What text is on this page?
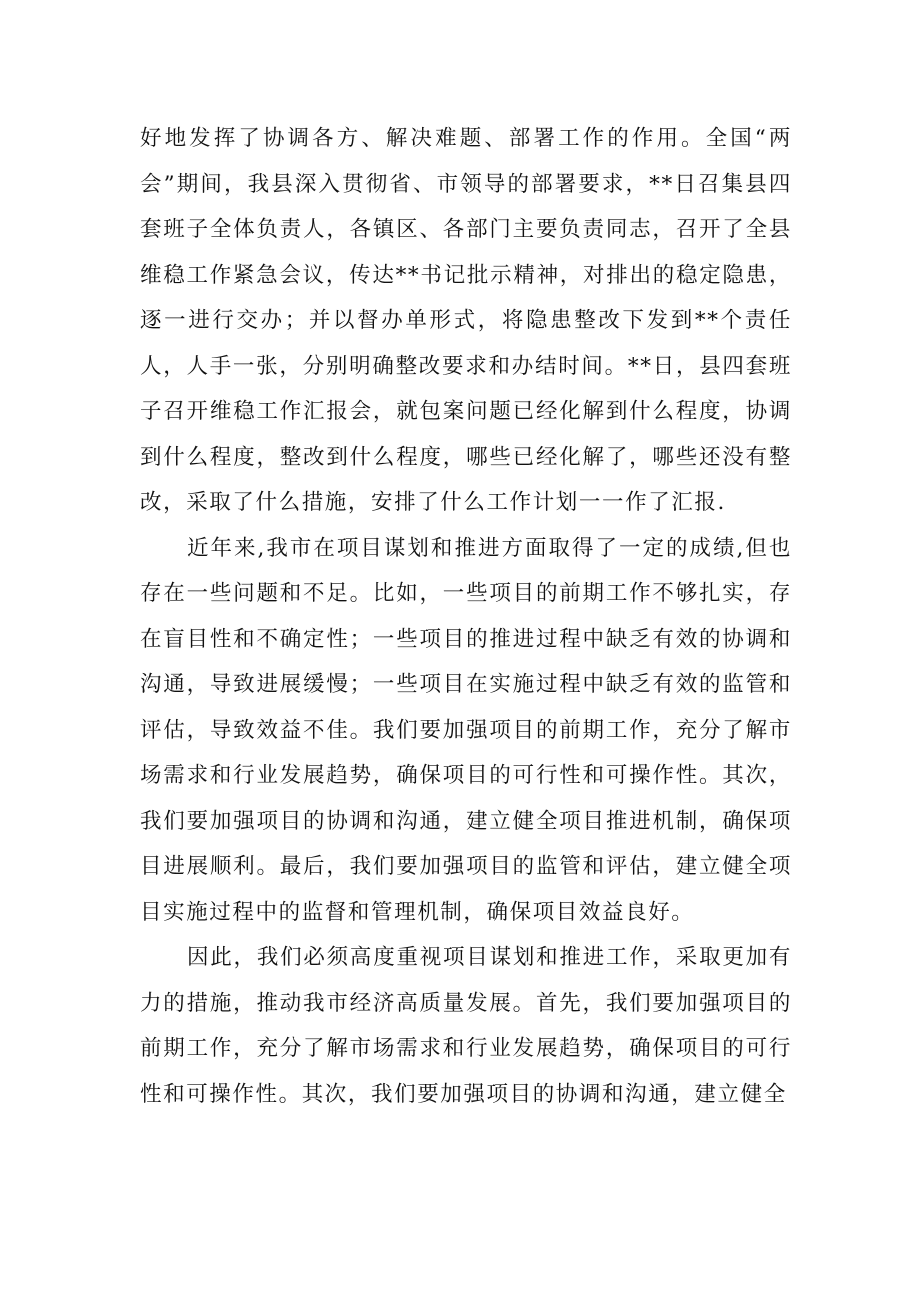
好地发挥了协调各方、解决难题、部署工作的作用。全国“两会”期间，我县深入贯彻省、市领导的部署要求，**日召集县四套班子全体负责人，各镇区、各部门主要负责同志，召开了全县维稳工作紧急会议，传达**书记批示精神，对排出的稳定隐患，逐一进行交办；并以督办单形式，将隐患整改下发到**个责任人，人手一张，分别明确整改要求和办结时间。**日，县四套班子召开维稳工作汇报会，就包案问题已经化解到什么程度，协调到什么程度，整改到什么程度，哪些已经化解了，哪些还没有整改，采取了什么措施，安排了什么工作计划一一作了汇报.

近年来,我市在项目谋划和推进方面取得了一定的成绩,但也存在一些问题和不足。比如，一些项目的前期工作不够扎实，存在盲目性和不确定性；一些项目的推进过程中缺乏有效的协调和沟通，导致进展缓慢；一些项目在实施过程中缺乏有效的监管和评估，导致效益不佳。我们要加强项目的前期工作，充分了解市场需求和行业发展趋势，确保项目的可行性和可操作性。其次，我们要加强项目的协调和沟通，建立健全项目推进机制，确保项目进展顺利。最后，我们要加强项目的监管和评估，建立健全项目实施过程中的监督和管理机制，确保项目效益良好。

因此，我们必须高度重视项目谋划和推进工作，采取更加有力的措施，推动我市经济高质量发展。首先，我们要加强项目的前期工作，充分了解市场需求和行业发展趋势，确保项目的可行性和可操作性。其次，我们要加强项目的协调和沟通，建立健全
